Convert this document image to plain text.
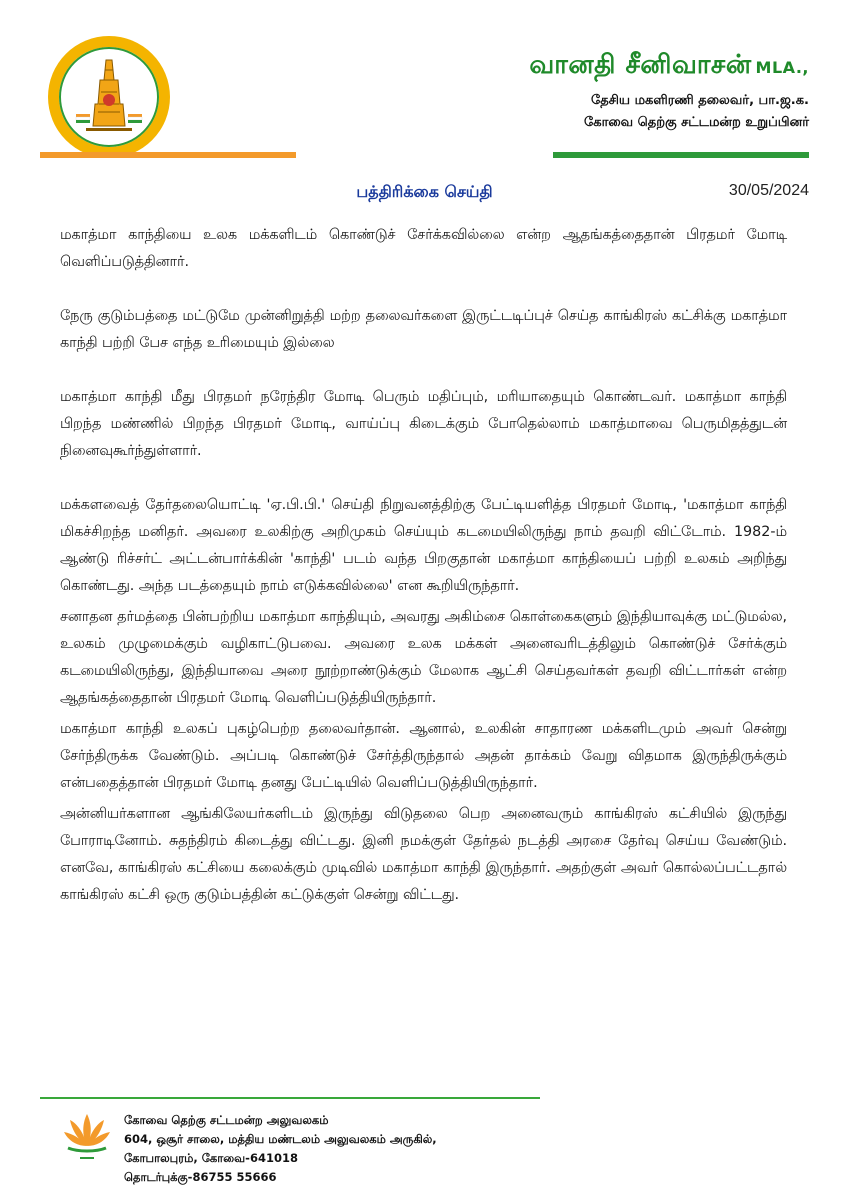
வானதி சீனிவாசன் MLA.,
தேசிய மகளிரணி தலைவர், பா.ஜ.க.
கோவை தெற்கு சட்டமன்ற உறுப்பினர்
பத்திரிக்கை செய்தி	30/05/2024

மகாத்மா காந்தியை உலக மக்களிடம் கொண்டுச் சேர்க்கவில்லை என்ற ஆதங்கத்தைதான் பிரதமர் மோடி வெளிப்படுத்தினார்.

நேரு குடும்பத்தை மட்டுமே முன்னிறுத்தி மற்ற தலைவர்களை இருட்டடிப்புச் செய்த காங்கிரஸ் கட்சிக்கு மகாத்மா காந்தி பற்றி பேச எந்த உரிமையும் இல்லை

மகாத்மா காந்தி மீது பிரதமர் நரேந்திர மோடி பெரும் மதிப்பும், மரியாதையும் கொண்டவர். மகாத்மா காந்தி பிறந்த மண்ணில் பிறந்த பிரதமர் மோடி, வாய்ப்பு கிடைக்கும் போதெல்லாம் மகாத்மாவை பெருமிதத்துடன் நினைவுகூர்ந்துள்ளார்.

மக்களவைத் தேர்தலையொட்டி 'ஏ.பி.பி.' செய்தி நிறுவனத்திற்கு பேட்டியளித்த பிரதமர் மோடி, 'மகாத்மா காந்தி மிகச்சிறந்த மனிதர். அவரை உலகிற்கு அறிமுகம் செய்யும் கடமையிலிருந்து நாம் தவறி விட்டோம். 1982-ம் ஆண்டு ரிச்சர்ட் அட்டன்பார்க்கின் 'காந்தி' படம் வந்த பிறகுதான் மகாத்மா காந்தியைப் பற்றி உலகம் அறிந்து கொண்டது. அந்த படத்தையும் நாம் எடுக்கவில்லை' என கூறியிருந்தார்.

சனாதன தர்மத்தை பின்பற்றிய மகாத்மா காந்தியும், அவரது அகிம்சை கொள்கைகளும் இந்தியாவுக்கு மட்டுமல்ல, உலகம் முழுமைக்கும் வழிகாட்டுபவை. அவரை உலக மக்கள் அனைவரிடத்திலும் கொண்டுச் சேர்க்கும் கடமையிலிருந்து, இந்தியாவை அரை நூற்றாண்டுக்கும் மேலாக ஆட்சி செய்தவர்கள் தவறி விட்டார்கள் என்ற ஆதங்கத்தைதான் பிரதமர் மோடி வெளிப்படுத்தியிருந்தார்.

மகாத்மா காந்தி உலகப் புகழ்பெற்ற தலைவர்தான். ஆனால், உலகின் சாதாரண மக்களிடமும் அவர் சென்று சேர்ந்திருக்க வேண்டும். அப்படி கொண்டுச் சேர்த்திருந்தால் அதன் தாக்கம் வேறு விதமாக இருந்திருக்கும் என்பதைத்தான் பிரதமர் மோடி தனது பேட்டியில் வெளிப்படுத்தியிருந்தார்.

அன்னியர்களான ஆங்கிலேயர்களிடம் இருந்து விடுதலை பெற அனைவரும் காங்கிரஸ் கட்சியில் இருந்து போராடினோம். சுதந்திரம் கிடைத்து விட்டது. இனி நமக்குள் தேர்தல் நடத்தி அரசை தேர்வு செய்ய வேண்டும். எனவே, காங்கிரஸ் கட்சியை கலைக்கும் முடிவில் மகாத்மா காந்தி இருந்தார். அதற்குள் அவர் கொல்லப்பட்டதால் காங்கிரஸ் கட்சி ஒரு குடும்பத்தின் கட்டுக்குள் சென்று விட்டது.

கோவை தெற்கு சட்டமன்ற அலுவலகம்
604, ஒசூர் சாலை, மத்திய மண்டலம் அலுவலகம் அருகில்,
கோபாலபுரம், கோவை-641018
தொடர்புக்கு-86755 55666
